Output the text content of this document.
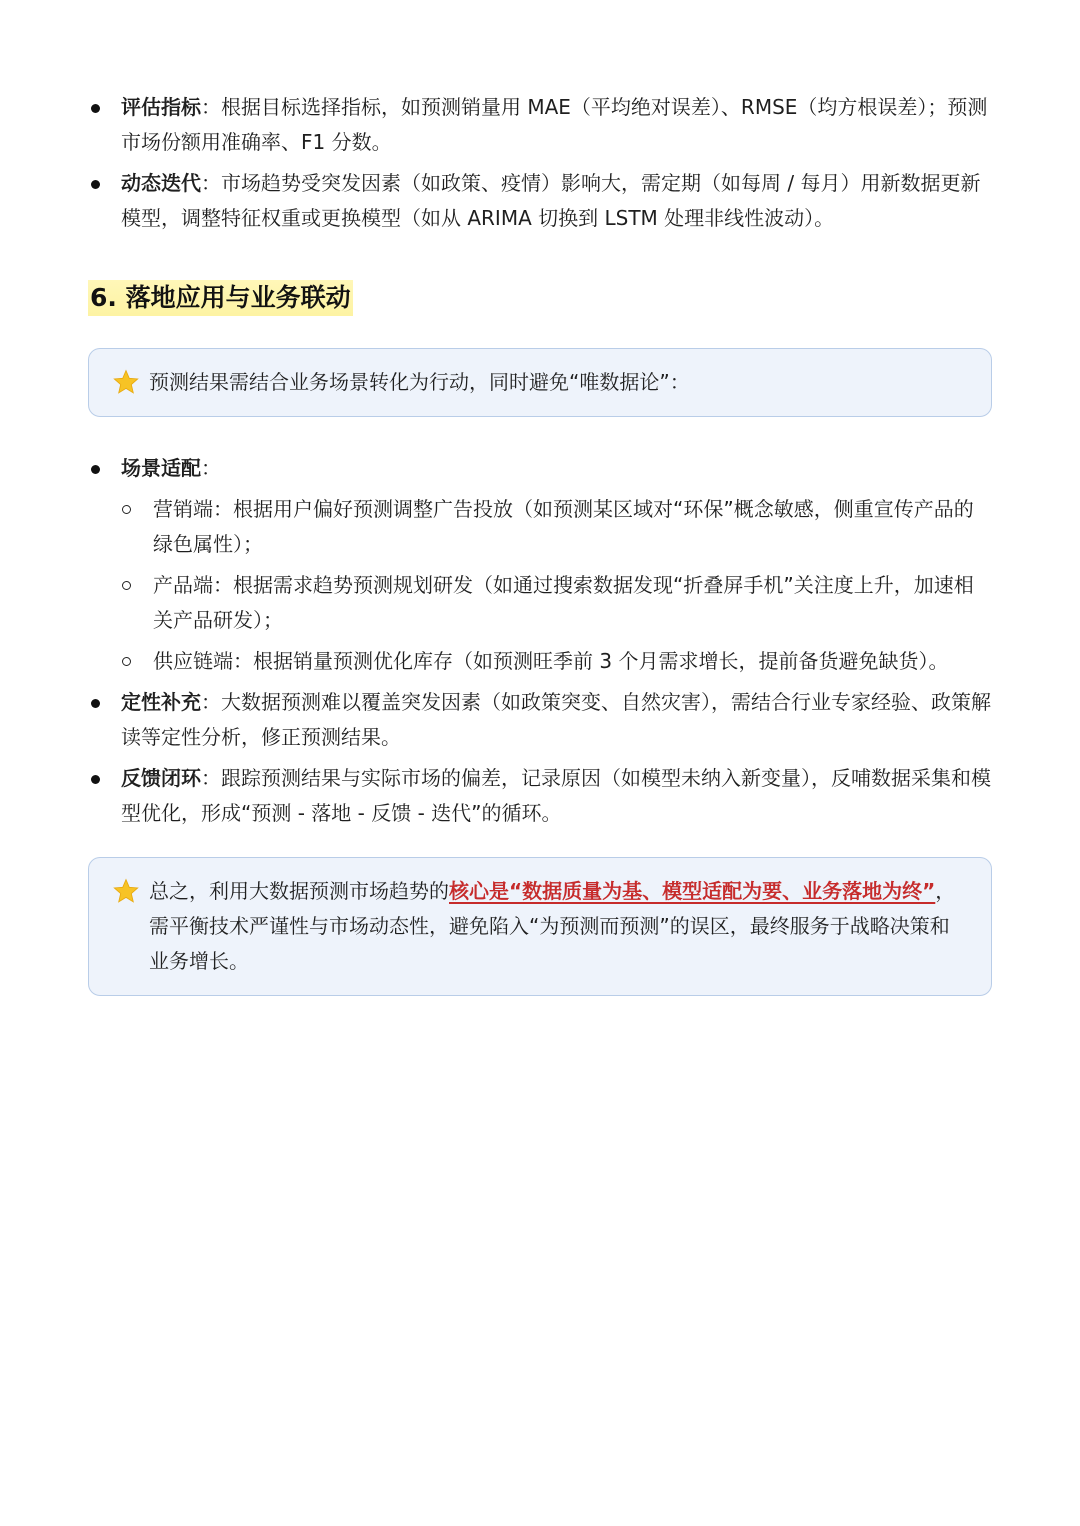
评估指标：根据目标选择指标，如预测销量用 MAE（平均绝对误差）、RMSE（均方根误差）；预测市场份额用准确率、F1 分数。
动态迭代：市场趋势受突发因素（如政策、疫情）影响大，需定期（如每周 / 每月）用新数据更新模型，调整特征权重或更换模型（如从 ARIMA 切换到 LSTM 处理非线性波动）。
6. 落地应用与业务联动
预测结果需结合业务场景转化为行动，同时避免“唯数据论”：
场景适配：
营销端：根据用户偏好预测调整广告投放（如预测某区域对“环保”概念敏感，侧重宣传产品的绿色属性）；
产品端：根据需求趋势预测规划研发（如通过搜索数据发现“折叠屏手机”关注度上升，加速相关产品研发）；
供应链端：根据销量预测优化库存（如预测旺季前 3 个月需求增长，提前备货避免缺货）。
定性补充：大数据预测难以覆盖突发因素（如政策突变、自然灾害），需结合行业专家经验、政策解读等定性分析，修正预测结果。
反馈闭环：跟踪预测结果与实际市场的偏差，记录原因（如模型未纳入新变量），反哺数据采集和模型优化，形成“预测 - 落地 - 反馈 - 迭代”的循环。
总之，利用大数据预测市场趋势的核心是“数据质量为基、模型适配为要、业务落地为终”，需平衡技术严谨性与市场动态性，避免陷入“为预测而预测”的误区，最终服务于战略决策和业务增长。
